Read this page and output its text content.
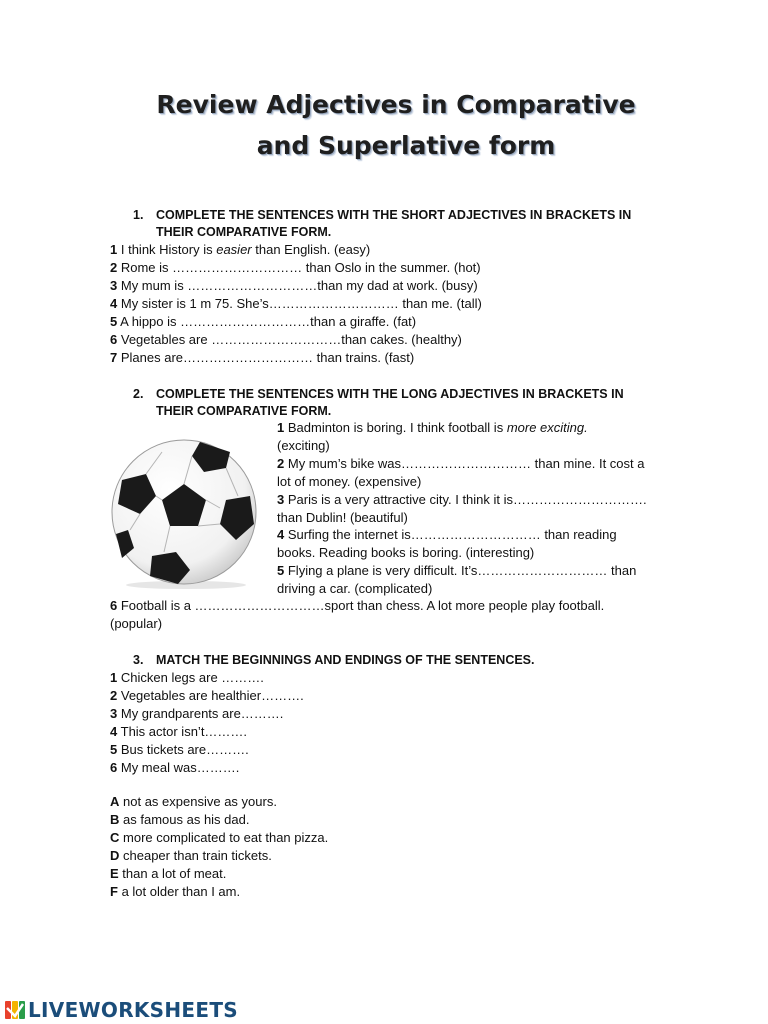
Review Adjectives in Comparative
and Superlative form
1. COMPLETE THE SENTENCES WITH THE SHORT ADJECTIVES IN BRACKETS IN
THEIR COMPARATIVE FORM.

1 I think History is easier than English. (easy)

2 Rome is ………………………… than Oslo in the summer. (hot)

3 My mum is …………………………than my dad at work. (busy)

4 My sister is 1 m 75. She’s………………………… than me. (tall)

5 A hippo is …………………………than a giraffe. (fat)

6 Vegetables are …………………………than cakes. (healthy)

7 Planes are………………………… than trains. (fast)

2. COMPLETE THE SENTENCES WITH THE LONG ADJECTIVES IN BRACKETS IN
THEIR COMPARATIVE FORM.

1 Badminton is boring. I think football is more exciting.

(exciting)

2 My mum’s bike was………………………… than mine. It cost a

lot of money. (expensive)

3 Paris is a very attractive city. I think it is………………………….

than Dublin! (beautiful)

4 Surfing the internet is………………………… than reading

books. Reading books is boring. (interesting)

5 Flying a plane is very difficult. It’s………………………… than

driving a car. (complicated)

6 Football is a …………………………sport than chess. A lot more people play football.

(popular)

3. MATCH THE BEGINNINGS AND ENDINGS OF THE SENTENCES.

1 Chicken legs are ……….

2 Vegetables are healthier……….

3 My grandparents are……….

4 This actor isn’t……….

5 Bus tickets are……….

6 My meal was……….

A not as expensive as yours.

B as famous as his dad.

C more complicated to eat than pizza.

D cheaper than train tickets.

E than a lot of meat.

F a lot older than I am.

LIVEWORKSHEETS
